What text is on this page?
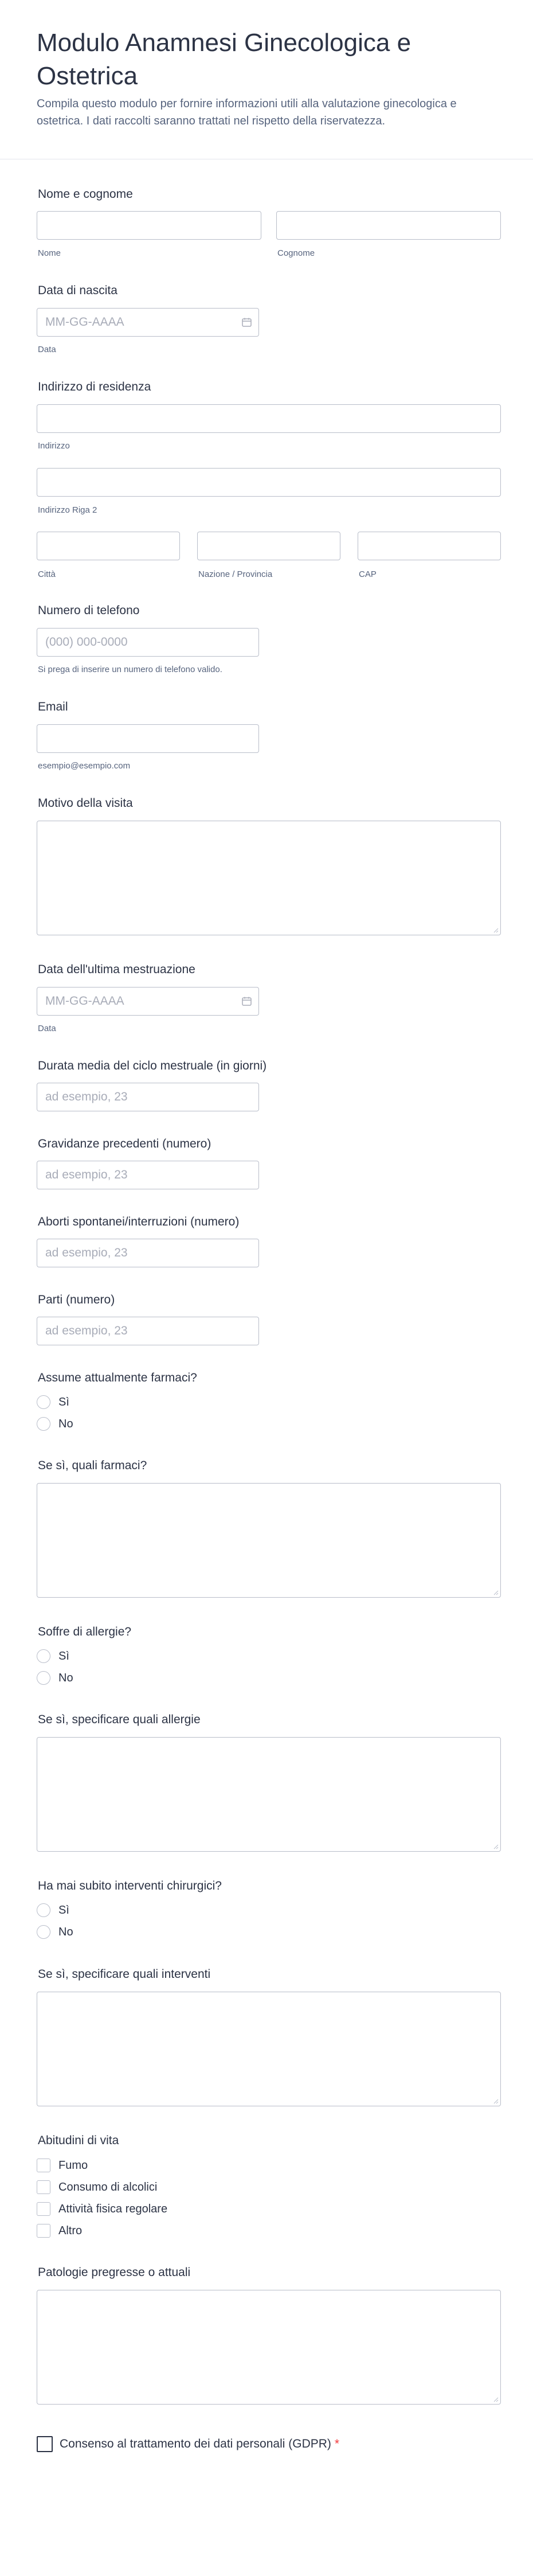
Modulo Anamnesi Ginecologica e Ostetrica

Compila questo modulo per fornire informazioni utili alla valutazione ginecologica e ostetrica. I dati raccolti saranno trattati nel rispetto della riservatezza.

Nome e cognome
Nome	Cognome
Data di nascita
MM-GG-AAAA
Data
Indirizzo di residenza
Indirizzo
Indirizzo Riga 2
Città	Nazione / Provincia	CAP
Numero di telefono
(000) 000-0000
Si prega di inserire un numero di telefono valido.
Email
esempio@esempio.com
Motivo della visita
Data dell'ultima mestruazione
MM-GG-AAAA
Data
Durata media del ciclo mestruale (in giorni)
ad esempio, 23
Gravidanze precedenti (numero)
ad esempio, 23
Aborti spontanei/interruzioni (numero)
ad esempio, 23
Parti (numero)
ad esempio, 23
Assume attualmente farmaci?
Sì
No
Se sì, quali farmaci?
Soffre di allergie?
Sì
No
Se sì, specificare quali allergie
Ha mai subito interventi chirurgici?
Sì
No
Se sì, specificare quali interventi
Abitudini di vita
Fumo
Consumo di alcolici
Attività fisica regolare
Altro
Patologie pregresse o attuali
Consenso al trattamento dei dati personali (GDPR) *
